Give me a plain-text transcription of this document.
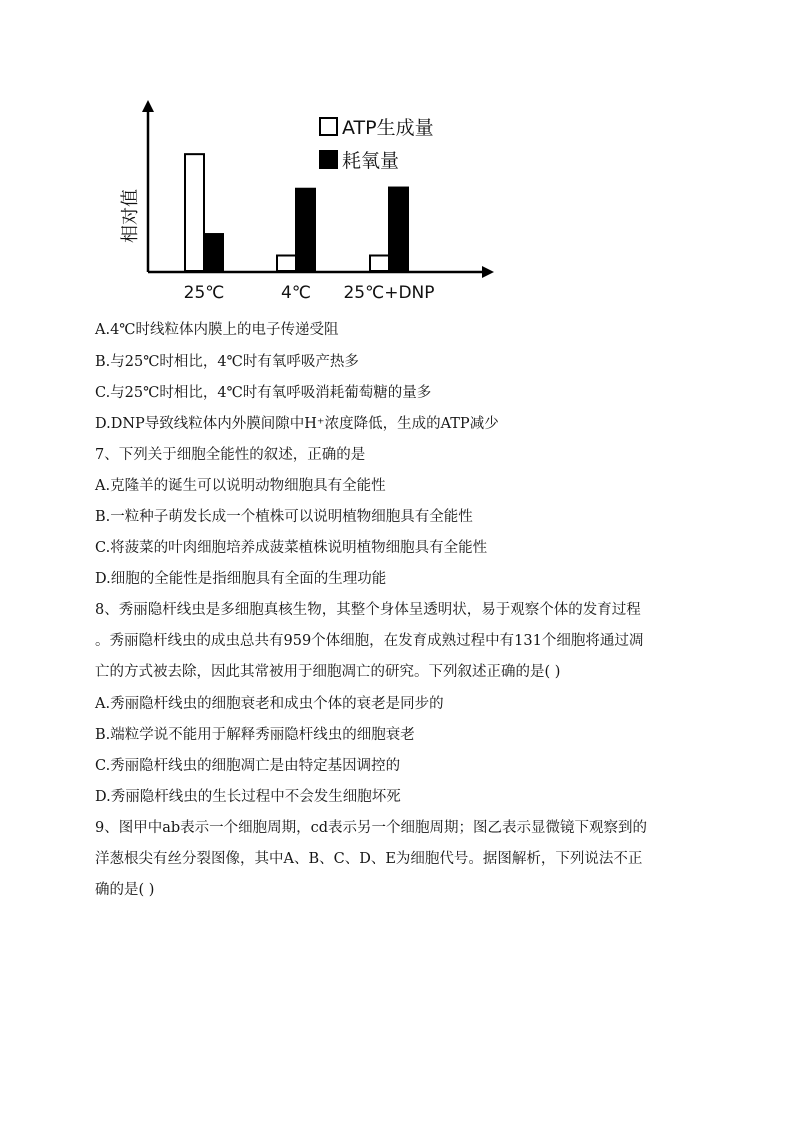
相对值
25℃	4℃ 25℃+DNP
ATP生成量
耗氧量
A.4℃时线粒体内膜上的电子传递受阻
B.与25℃时相比，4℃时有氧呼吸产热多
C.与25℃时相比，4℃时有氧呼吸消耗葡萄糖的量多
D.DNP导致线粒体内外膜间隙中H⁺浓度降低，生成的ATP减少
7、下列关于细胞全能性的叙述，正确的是
A.克隆羊的诞生可以说明动物细胞具有全能性
B.一粒种子萌发长成一个植株可以说明植物细胞具有全能性
C.将菠菜的叶肉细胞培养成菠菜植株说明植物细胞具有全能性
D.细胞的全能性是指细胞具有全面的生理功能
8、秀丽隐杆线虫是多细胞真核生物，其整个身体呈透明状，易于观察个体的发育过程
。秀丽隐杆线虫的成虫总共有959个体细胞，在发育成熟过程中有131个细胞将通过凋
亡的方式被去除，因此其常被用于细胞凋亡的研究。下列叙述正确的是( )
A.秀丽隐杆线虫的细胞衰老和成虫个体的衰老是同步的
B.端粒学说不能用于解释秀丽隐杆线虫的细胞衰老
C.秀丽隐杆线虫的细胞凋亡是由特定基因调控的
D.秀丽隐杆线虫的生长过程中不会发生细胞坏死
9、图甲中ab表示一个细胞周期，cd表示另一个细胞周期；图乙表示显微镜下观察到的
洋葱根尖有丝分裂图像，其中A、B、C、D、E为细胞代号。据图解析，下列说法不正
确的是( )
